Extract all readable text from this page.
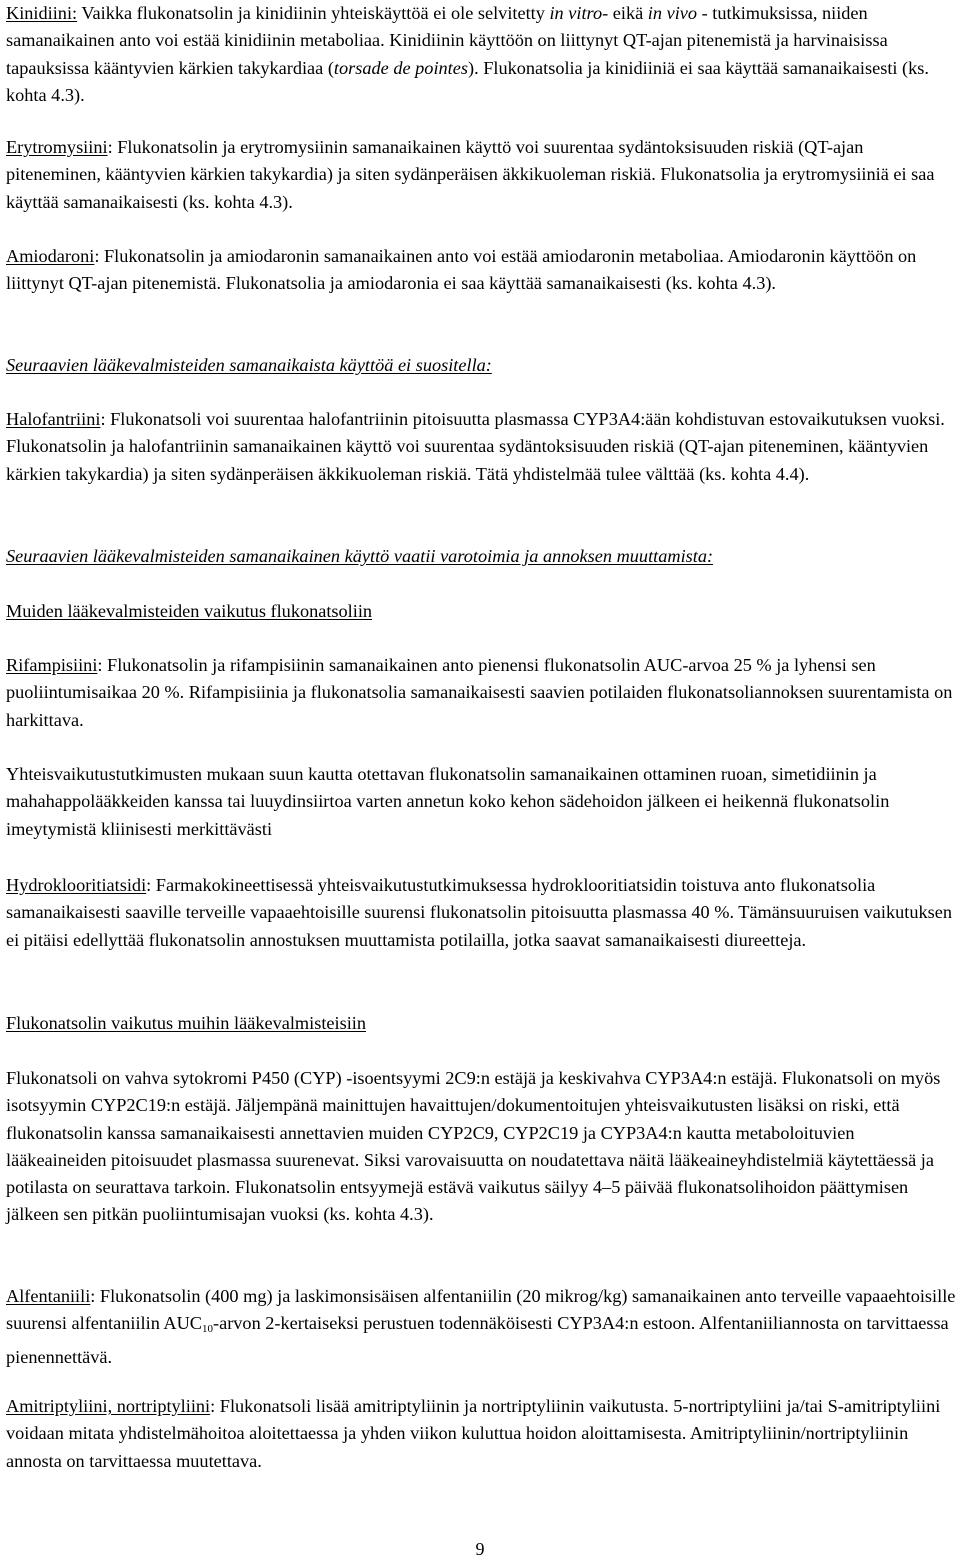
Kinidiini: Vaikka flukonatsolin ja kinidiinin yhteiskäyttöä ei ole selvitetty in vitro- eikä in vivo - tutkimuksissa, niiden samanaikainen anto voi estää kinidiinin metaboliaa. Kinidiinin käyttöön on liittynyt QT-ajan pitenemistä ja harvinaisissa tapauksissa kääntyvien kärkien takykardiaa (torsade de pointes). Flukonatsolia ja kinidiiniä ei saa käyttää samanaikaisesti (ks. kohta 4.3).

Erytromysiini: Flukonatsolin ja erytromysiinin samanaikainen käyttö voi suurentaa sydäntoksisuuden riskiä (QT-ajan piteneminen, kääntyvien kärkien takykardia) ja siten sydänperäisen äkkikuoleman riskiä. Flukonatsolia ja erytromysiiniä ei saa käyttää samanaikaisesti (ks. kohta 4.3).

Amiodaroni: Flukonatsolin ja amiodaronin samanaikainen anto voi estää amiodaronin metaboliaa. Amiodaronin käyttöön on liittynyt QT-ajan pitenemistä. Flukonatsolia ja amiodaronia ei saa käyttää samanaikaisesti (ks. kohta 4.3).

Seuraavien lääkevalmisteiden samanaikaista käyttöä ei suositella:

Halofantriini: Flukonatsoli voi suurentaa halofantriinin pitoisuutta plasmassa CYP3A4:ään kohdistuvan estovaikutuksen vuoksi. Flukonatsolin ja halofantriinin samanaikainen käyttö voi suurentaa sydäntoksisuuden riskiä (QT-ajan piteneminen, kääntyvien kärkien takykardia) ja siten sydänperäisen äkkikuoleman riskiä. Tätä yhdistelmää tulee välttää (ks. kohta 4.4).

Seuraavien lääkevalmisteiden samanaikainen käyttö vaatii varotoimia ja annoksen muuttamista:

Muiden lääkevalmisteiden vaikutus flukonatsoliin

Rifampisiini: Flukonatsolin ja rifampisiinin samanaikainen anto pienensi flukonatsolin AUC-arvoa 25 % ja lyhensi sen puoliintumisaikaa 20 %. Rifampisiinia ja flukonatsolia samanaikaisesti saavien potilaiden flukonatsoliannoksen suurentamista on harkittava.

Yhteisvaikutustutkimusten mukaan suun kautta otettavan flukonatsolin samanaikainen ottaminen ruoan, simetidiinin ja mahahappolääkkeiden kanssa tai luuydinsiirtoa varten annetun koko kehon sädehoidon jälkeen ei heikennä flukonatsolin imeytymistä kliinisesti merkittävästi

Hydroklooritiatsidi: Farmakokineettisessä yhteisvaikutustutkimuksessa hydroklooritiatsidin toistuva anto flukonatsolia samanaikaisesti saaville terveille vapaaehtoisille suurensi flukonatsolin pitoisuutta plasmassa 40 %. Tämänsuuruisen vaikutuksen ei pitäisi edellyttää flukonatsolin annostuksen muuttamista potilailla, jotka saavat samanaikaisesti diureetteja.

Flukonatsolin vaikutus muihin lääkevalmisteisiin

Flukonatsoli on vahva sytokromi P450 (CYP) -isoentsyymi 2C9:n estäjä ja keskivahva CYP3A4:n estäjä. Flukonatsoli on myös isotsyymin CYP2C19:n estäjä. Jäljempänä mainittujen havaittujen/dokumentoitujen yhteisvaikutusten lisäksi on riski, että flukonatsolin kanssa samanaikaisesti annettavien muiden CYP2C9, CYP2C19 ja CYP3A4:n kautta metaboloituvien lääkeaineiden pitoisuudet plasmassa suurenevat. Siksi varovaisuutta on noudatettava näitä lääkeaineyhdistelmiä käytettäessä ja potilasta on seurattava tarkoin. Flukonatsolin entsyymejä estävä vaikutus säilyy 4–5 päivää flukonatsolihoidon päättymisen jälkeen sen pitkän puoliintumisajan vuoksi (ks. kohta 4.3).

Alfentaniili: Flukonatsolin (400 mg) ja laskimonsisäisen alfentaniilin (20 mikrog/kg) samanaikainen anto terveille vapaaehtoisille suurensi alfentaniilin $AUC_{10}$-arvon 2-kertaiseksi perustuen todennäköisesti CYP3A4:n estoon. Alfentaniiliannosta on tarvittaessa pienennettävä.

Amitriptyliini, nortriptyliini: Flukonatsoli lisää amitriptyliinin ja nortriptyliinin vaikutusta. 5-nortriptyliini ja/tai S-amitriptyliini voidaan mitata yhdistelmähoitoa aloitettaessa ja yhden viikon kuluttua hoidon aloittamisesta. Amitriptyliinin/nortriptyliinin annosta on tarvittaessa muutettava.

9
